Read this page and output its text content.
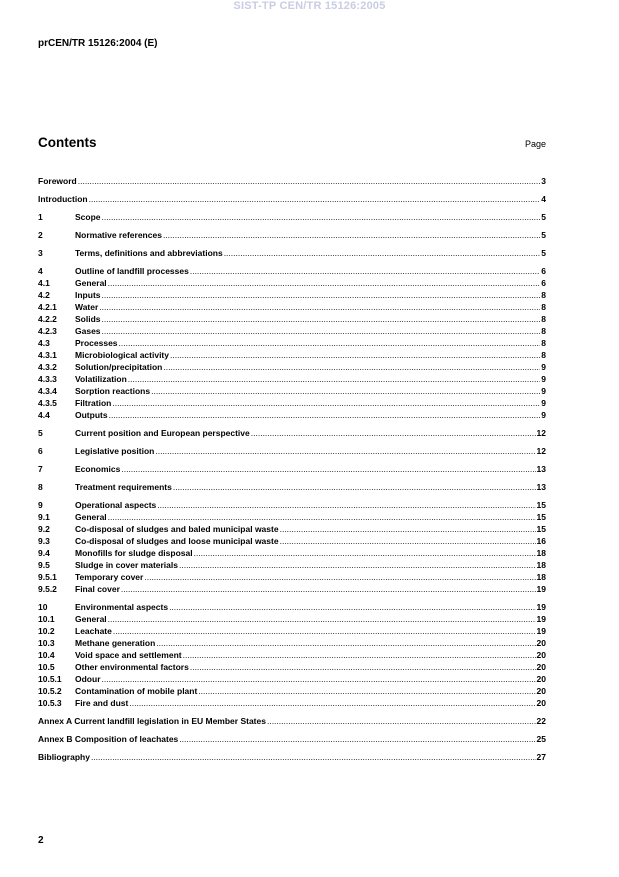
SIST-TP CEN/TR 15126:2005
prCEN/TR 15126:2004 (E)
Contents	Page
Foreword .....	3
Introduction .....	4
1	Scope .....	5
2	Normative references .....	5
3	Terms, definitions and abbreviations .....	5
4	Outline of landfill processes .....	6
4.1	General .....	6
4.2	Inputs .....	8
4.2.1	Water .....	8
4.2.2	Solids .....	8
4.2.3	Gases .....	8
4.3	Processes .....	8
4.3.1	Microbiological activity .....	8
4.3.2	Solution/precipitation .....	9
4.3.3	Volatilization .....	9
4.3.4	Sorption reactions .....	9
4.3.5	Filtration .....	9
4.4	Outputs .....	9
5	Current position and European perspective .....	12
6	Legislative position .....	12
7	Economics .....	13
8	Treatment requirements .....	13
9	Operational aspects .....	15
9.1	General .....	15
9.2	Co-disposal of sludges and baled municipal waste .....	15
9.3	Co-disposal of sludges and loose municipal waste .....	16
9.4	Monofills for sludge disposal .....	18
9.5	Sludge in cover materials .....	18
9.5.1	Temporary cover .....	18
9.5.2	Final cover .....	19
10	Environmental aspects .....	19
10.1	General .....	19
10.2	Leachate .....	19
10.3	Methane generation .....	20
10.4	Void space and settlement .....	20
10.5	Other environmental factors .....	20
10.5.1	Odour .....	20
10.5.2	Contamination of mobile plant .....	20
10.5.3	Fire and dust .....	20
Annex A Current landfill legislation in EU Member States .....	22
Annex B Composition of leachates .....	25
Bibliography .....	27
2
